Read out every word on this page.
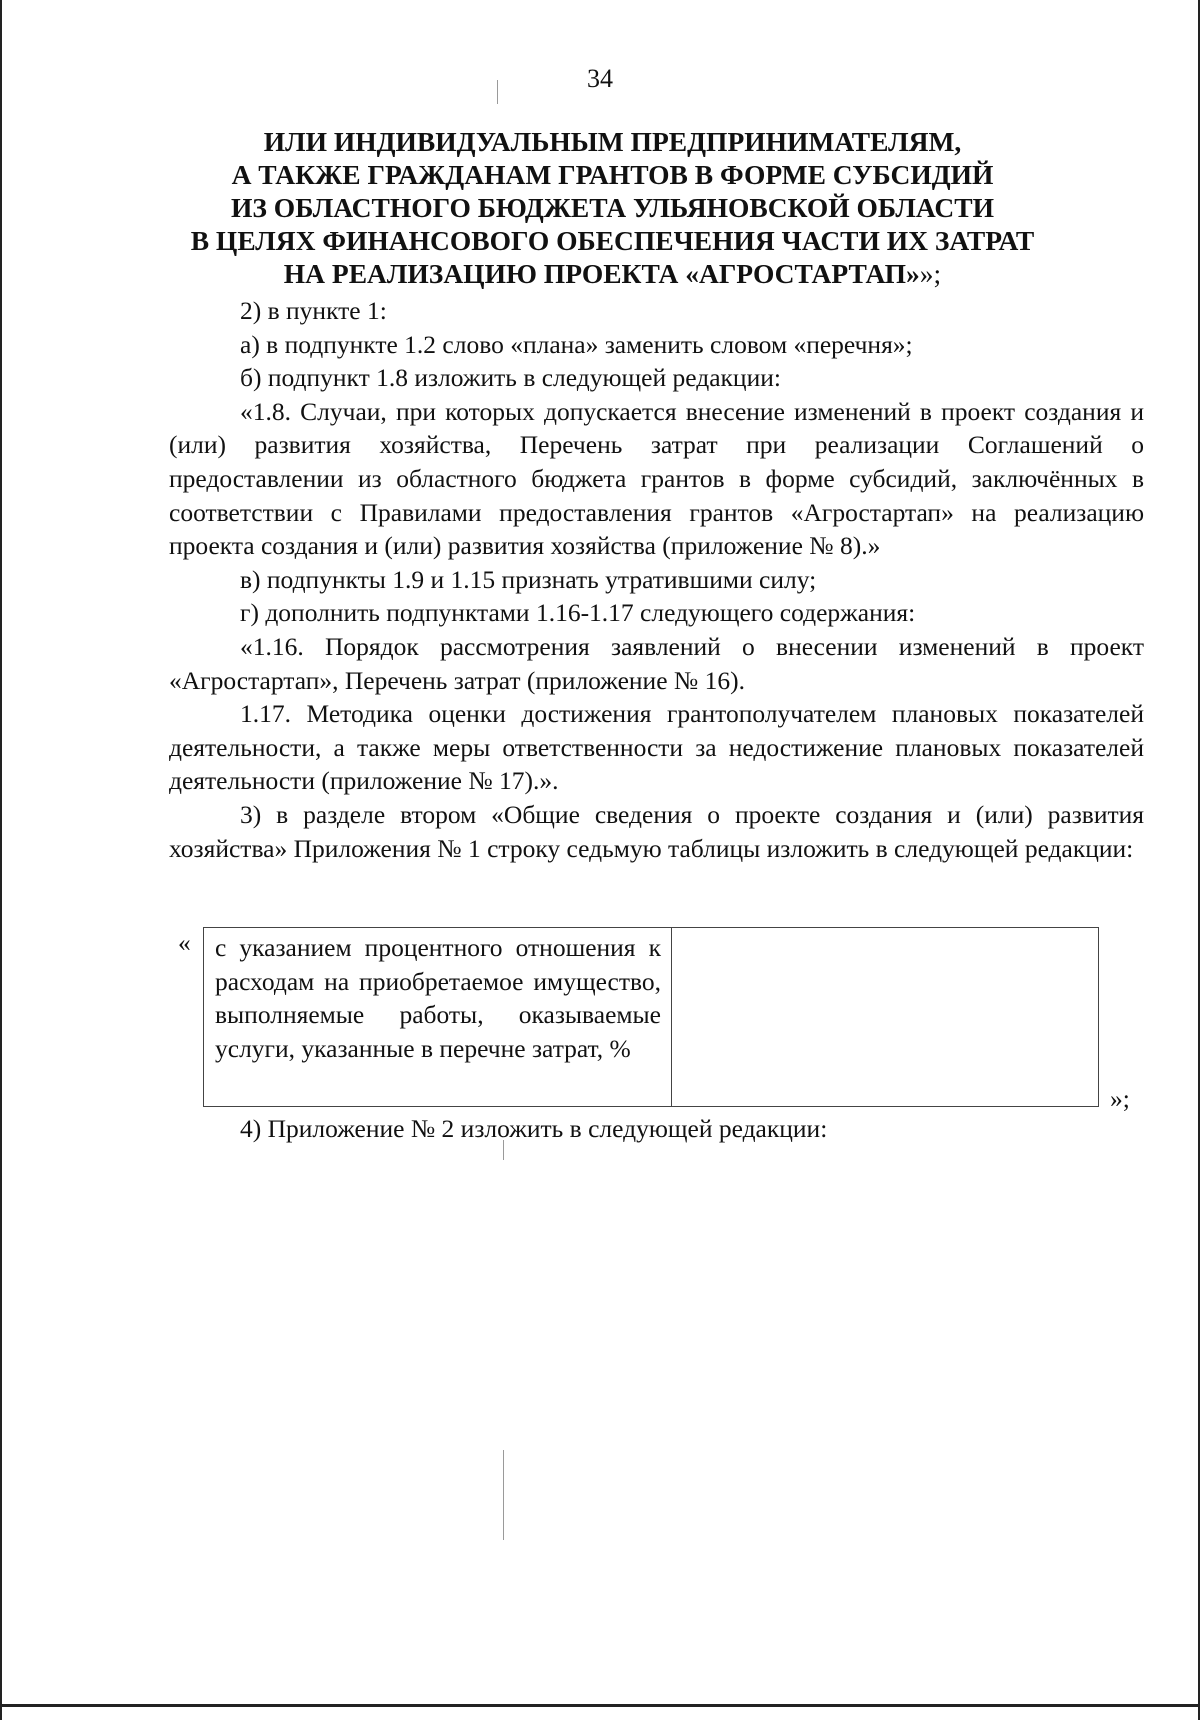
34
ИЛИ ИНДИВИДУАЛЬНЫМ ПРЕДПРИНИМАТЕЛЯМ,
А ТАКЖЕ ГРАЖДАНАМ ГРАНТОВ В ФОРМЕ СУБСИДИЙ
ИЗ ОБЛАСТНОГО БЮДЖЕТА УЛЬЯНОВСКОЙ ОБЛАСТИ
В ЦЕЛЯХ ФИНАНСОВОГО ОБЕСПЕЧЕНИЯ ЧАСТИ ИХ ЗАТРАТ
НА РЕАЛИЗАЦИЮ ПРОЕКТА «АГРОСТАРТАП»»;

2) в пункте 1:

а) в подпункте 1.2 слово «плана» заменить словом «перечня»;

б) подпункт 1.8 изложить в следующей редакции:

«1.8. Случаи, при которых допускается внесение изменений в проект создания и (или) развития хозяйства, Перечень затрат при реализации Соглашений о предоставлении из областного бюджета грантов в форме субсидий, заключённых в соответствии с Правилами предоставления грантов «Агростартап» на реализацию проекта создания и (или) развития хозяйства (приложение № 8).»

в) подпункты 1.9 и 1.15 признать утратившими силу;

г) дополнить подпунктами 1.16-1.17 следующего содержания:

«1.16. Порядок рассмотрения заявлений о внесении изменений в проект «Агростартап», Перечень затрат (приложение № 16).

1.17. Методика оценки достижения грантополучателем плановых показателей деятельности, а также меры ответственности за недостижение плановых показателей деятельности (приложение № 17).».

3) в разделе втором «Общие сведения о проекте создания и (или) развития хозяйства» Приложения № 1 строку седьмую таблицы изложить в следующей редакции:

« с указанием процентного отношения к расходам на приобретаемое имущество, выполняемые работы, оказываемые услуги, указанные в перечне затрат, %	
»;

4) Приложение № 2 изложить в следующей редакции:
